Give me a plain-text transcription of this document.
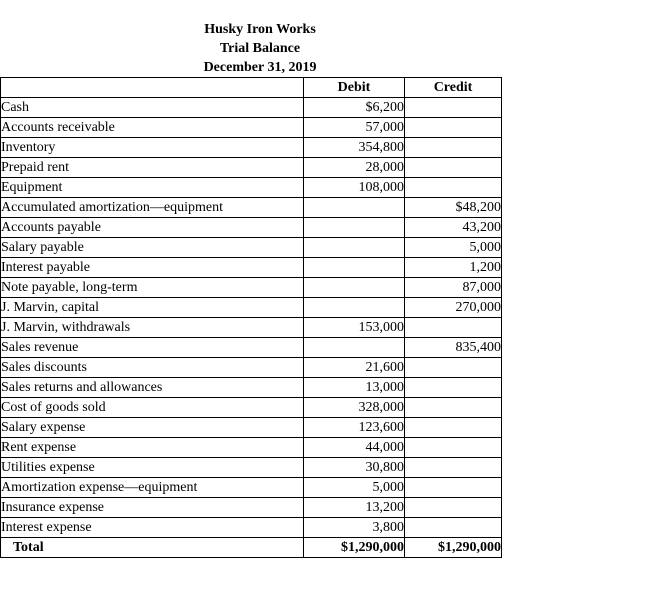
Husky Iron Works
Trial Balance
December 31, 2019
	Debit	Credit
Cash	$6,200	
Accounts receivable	57,000	
Inventory	354,800	
Prepaid rent	28,000	
Equipment	108,000	
Accumulated amortization—equipment		$48,200
Accounts payable		43,200
Salary payable		5,000
Interest payable		1,200
Note payable, long-term		87,000
J. Marvin, capital		270,000
J. Marvin, withdrawals	153,000	
Sales revenue		835,400
Sales discounts	21,600	
Sales returns and allowances	13,000	
Cost of goods sold	328,000	
Salary expense	123,600	
Rent expense	44,000	
Utilities expense	30,800	
Amortization expense—equipment	5,000	
Insurance expense	13,200	
Interest expense	3,800	
Total	$1,290,000	$1,290,000
